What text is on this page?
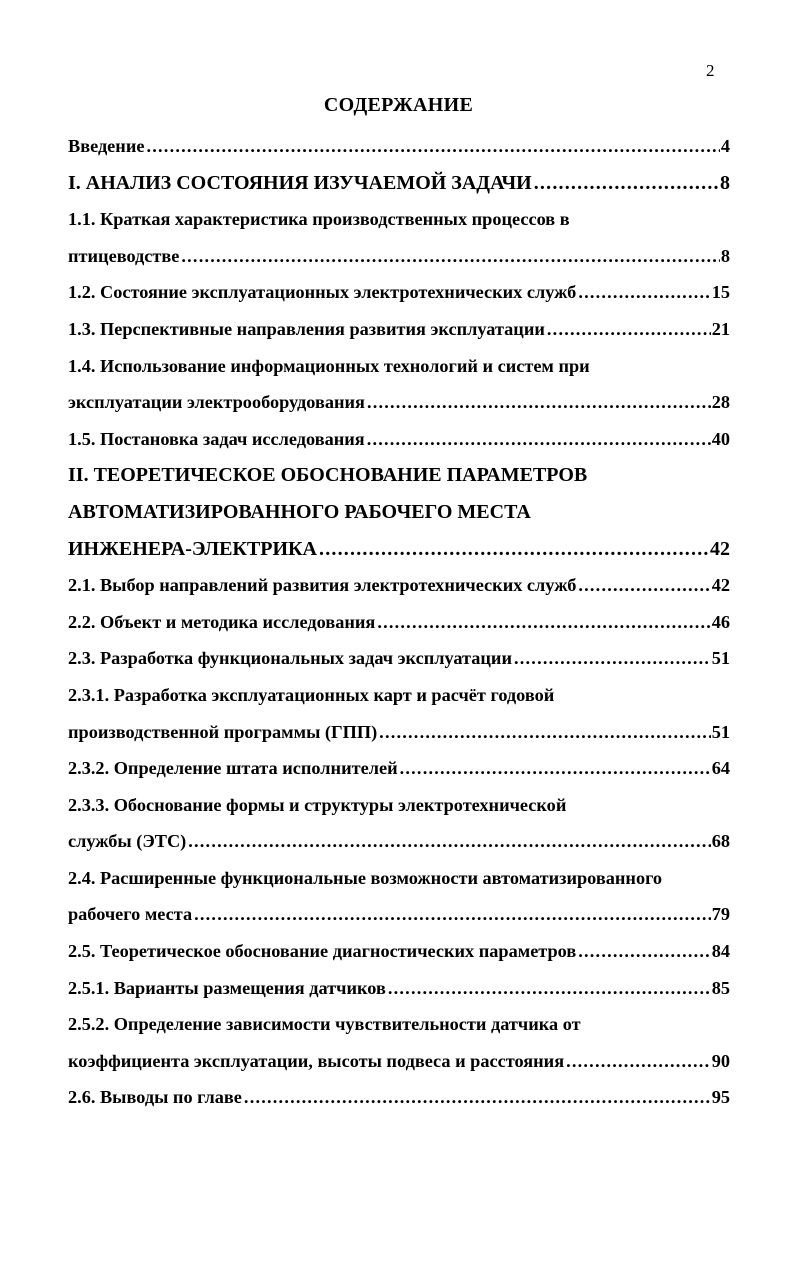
2
СОДЕРЖАНИЕ
Введение .....	4
I. АНАЛИЗ СОСТОЯНИЯ ИЗУЧАЕМОЙ ЗАДАЧИ .....	8
1.1. Краткая характеристика производственных процессов в
птицеводстве .....	8
1.2. Состояние эксплуатационных электротехнических служб .....	15
1.3. Перспективные направления развития эксплуатации .....	21
1.4. Использование информационных технологий и систем при
эксплуатации электрооборудования .....	28
1.5. Постановка задач исследования .....	40
II. ТЕОРЕТИЧЕСКОЕ ОБОСНОВАНИЕ ПАРАМЕТРОВ
АВТОМАТИЗИРОВАННОГО РАБОЧЕГО МЕСТА
ИНЖЕНЕРА-ЭЛЕКТРИКА .....	42
2.1. Выбор направлений развития электротехнических служб .....	42
2.2. Объект и методика исследования .....	46
2.3. Разработка функциональных задач эксплуатации .....	51
2.3.1. Разработка эксплуатационных карт и расчёт годовой
производственной программы (ГПП) .....	51
2.3.2. Определение штата исполнителей .....	64
2.3.3. Обоснование формы и структуры электротехнической
службы (ЭТС) .....	68
2.4. Расширенные функциональные возможности автоматизированного
рабочего места .....	79
2.5. Теоретическое обоснование диагностических параметров .....	84
2.5.1. Варианты размещения датчиков .....	85
2.5.2. Определение зависимости чувствительности датчика от
коэффициента эксплуатации, высоты подвеса и расстояния .....	90
2.6. Выводы по главе .....	95
